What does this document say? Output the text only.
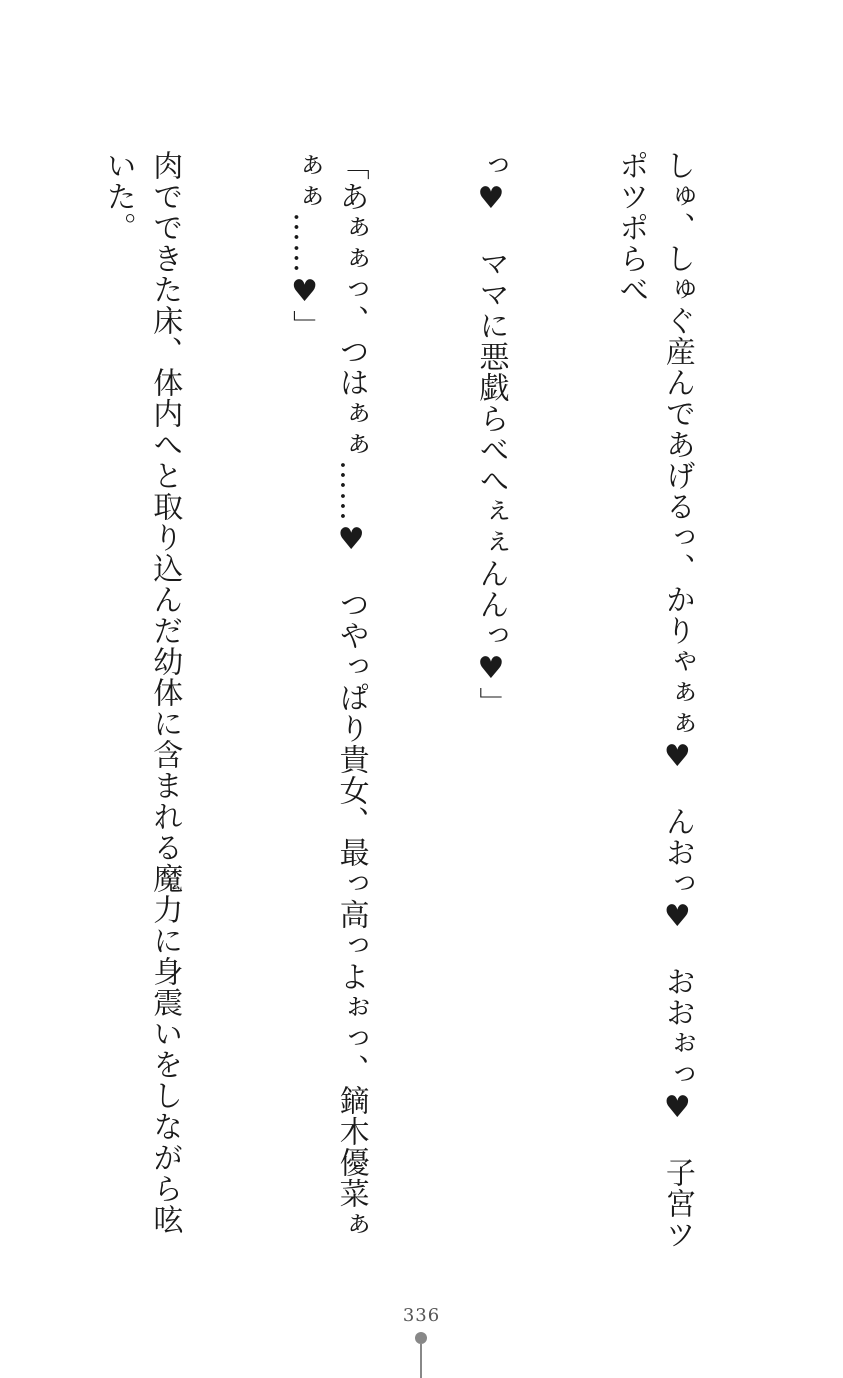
しゅ、しゅぐ産んであげるっ、かりゃぁぁ♥　んおっ♥　おおぉっ♥　子宮ツポツポらべ

っ♥　ママに悪戯らべへぇぇんんっ♥」

「あぁぁっ、つはぁぁ……♥　つやっぱり貴女、最っ高っよぉっ、鏑木優菜ぁぁぁ……♥」

肉でできた床、体内へと取り込んだ幼体に含まれる魔力に身震いをしながら呟いた。

336
